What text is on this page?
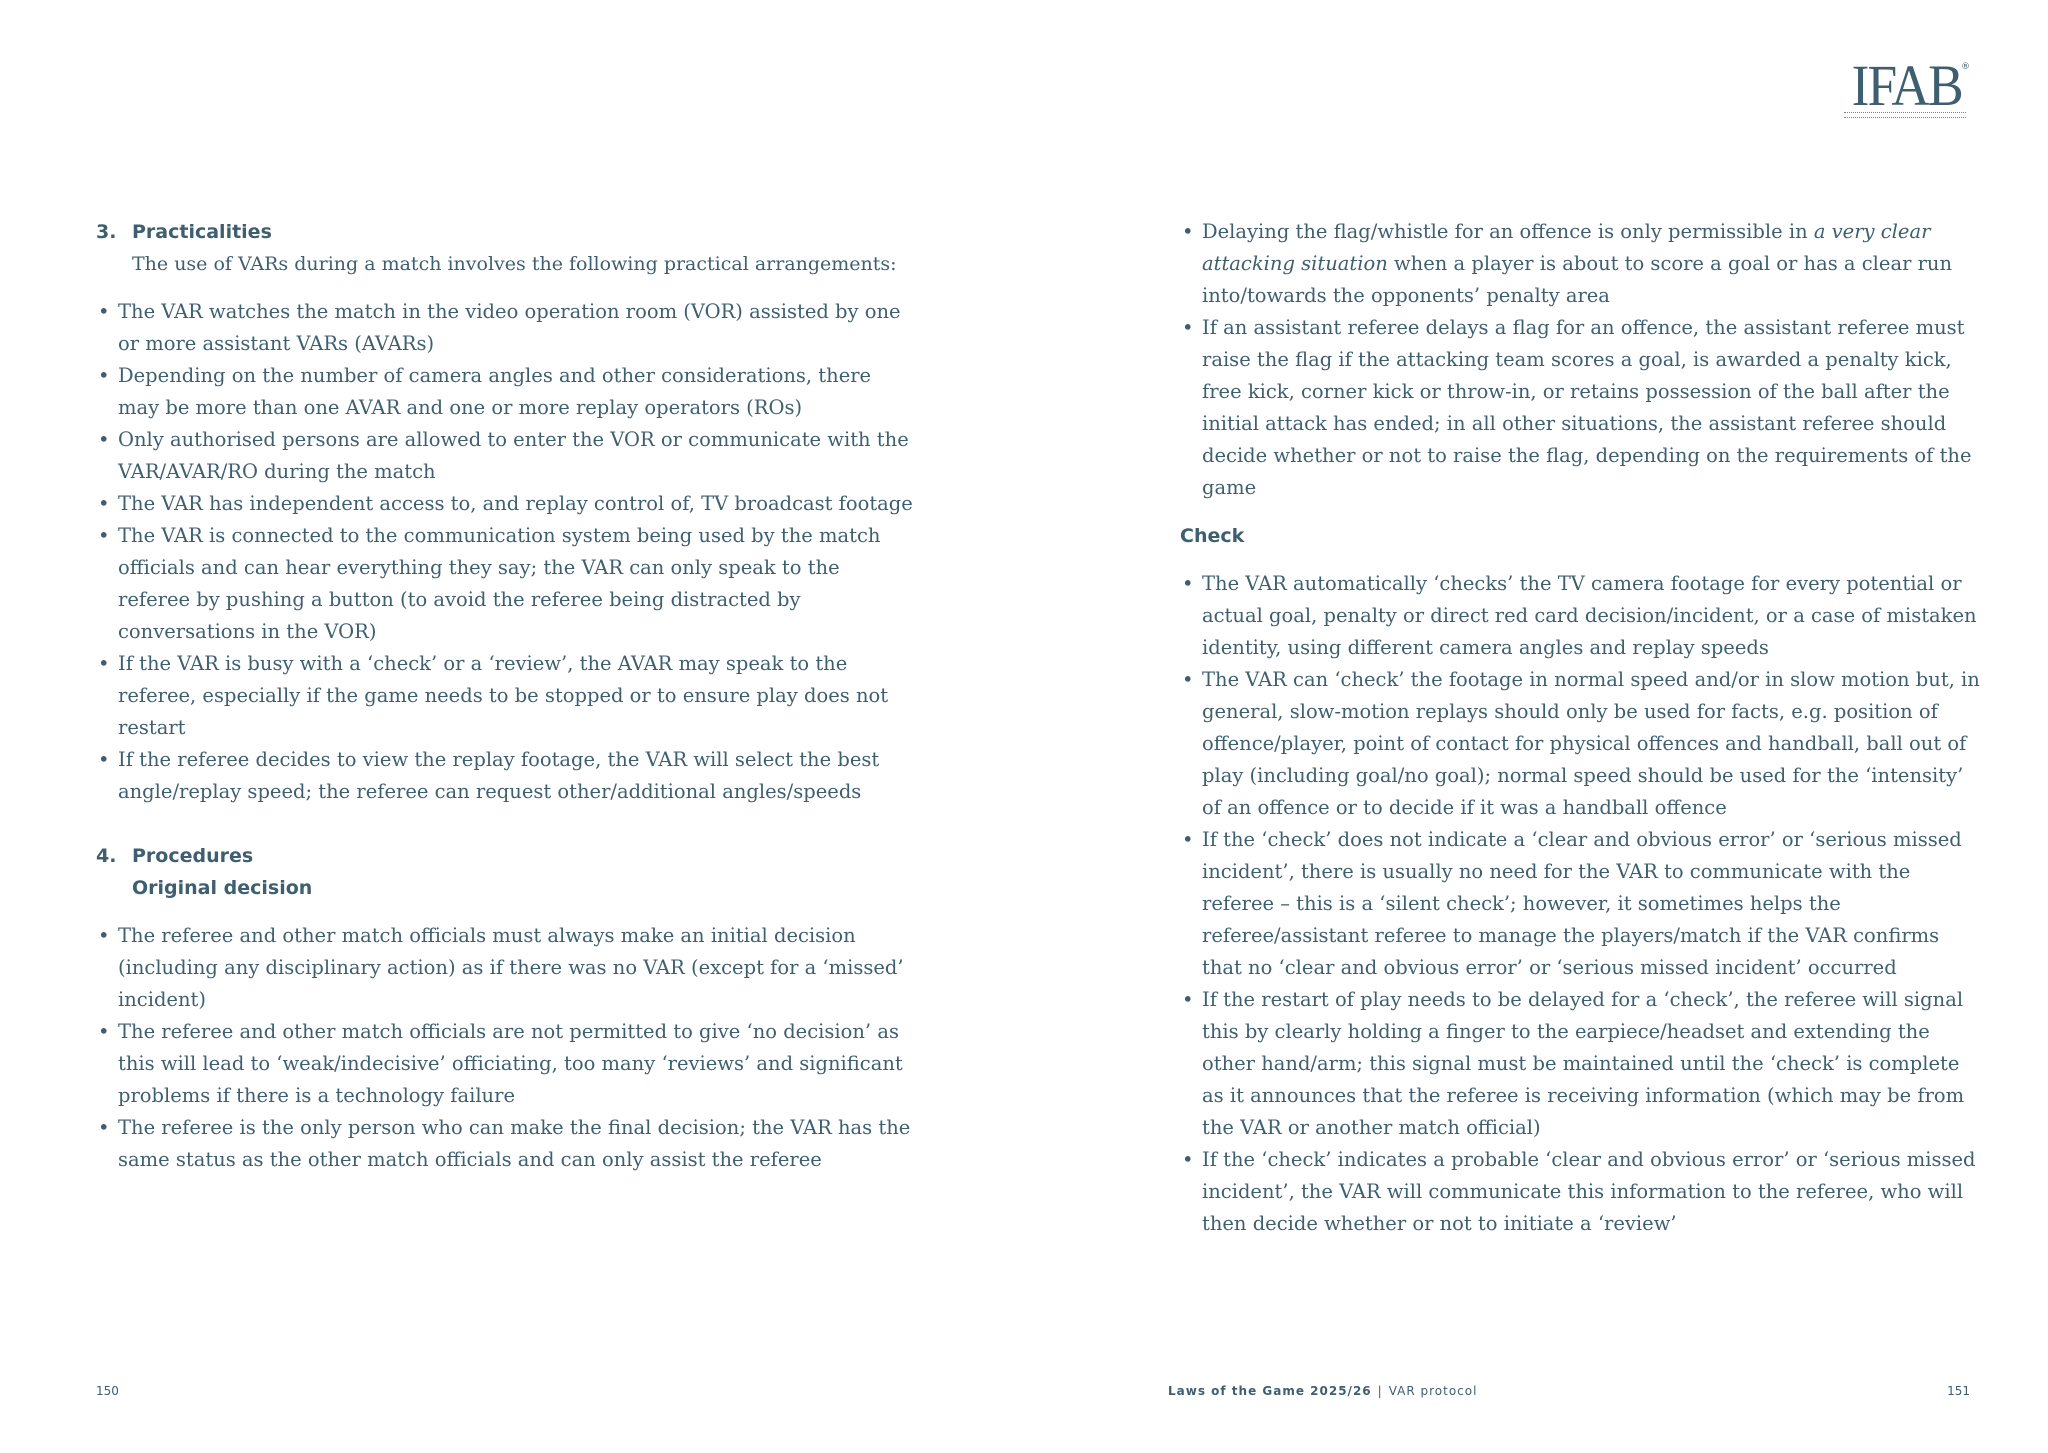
IFAB ®
3. Practicalities
The use of VARs during a match involves the following practical arrangements:
• The VAR watches the match in the video operation room (VOR) assisted by one or more assistant VARs (AVARs)
• Depending on the number of camera angles and other considerations, there may be more than one AVAR and one or more replay operators (ROs)
• Only authorised persons are allowed to enter the VOR or communicate with the VAR/AVAR/RO during the match
• The VAR has independent access to, and replay control of, TV broadcast footage
• The VAR is connected to the communication system being used by the match officials and can hear everything they say; the VAR can only speak to the referee by pushing a button (to avoid the referee being distracted by conversations in the VOR)
• If the VAR is busy with a ‘check’ or a ‘review’, the AVAR may speak to the referee, especially if the game needs to be stopped or to ensure play does not restart
• If the referee decides to view the replay footage, the VAR will select the best angle/replay speed; the referee can request other/additional angles/speeds
4. Procedures
Original decision
• The referee and other match officials must always make an initial decision (including any disciplinary action) as if there was no VAR (except for a ‘missed’ incident)
• The referee and other match officials are not permitted to give ‘no decision’ as this will lead to ‘weak/indecisive’ officiating, too many ‘reviews’ and significant problems if there is a technology failure
• The referee is the only person who can make the final decision; the VAR has the same status as the other match officials and can only assist the referee
• Delaying the flag/whistle for an offence is only permissible in a very clear attacking situation when a player is about to score a goal or has a clear run into/towards the opponents’ penalty area
• If an assistant referee delays a flag for an offence, the assistant referee must raise the flag if the attacking team scores a goal, is awarded a penalty kick, free kick, corner kick or throw-in, or retains possession of the ball after the initial attack has ended; in all other situations, the assistant referee should decide whether or not to raise the flag, depending on the requirements of the game
Check
• The VAR automatically ‘checks’ the TV camera footage for every potential or actual goal, penalty or direct red card decision/incident, or a case of mistaken identity, using different camera angles and replay speeds
• The VAR can ‘check’ the footage in normal speed and/or in slow motion but, in general, slow-motion replays should only be used for facts, e.g. position of offence/player, point of contact for physical offences and handball, ball out of play (including goal/no goal); normal speed should be used for the ‘intensity’ of an offence or to decide if it was a handball offence
• If the ‘check’ does not indicate a ‘clear and obvious error’ or ‘serious missed incident’, there is usually no need for the VAR to communicate with the referee – this is a ‘silent check’; however, it sometimes helps the referee/assistant referee to manage the players/match if the VAR confirms that no ‘clear and obvious error’ or ‘serious missed incident’ occurred
• If the restart of play needs to be delayed for a ‘check’, the referee will signal this by clearly holding a finger to the earpiece/headset and extending the other hand/arm; this signal must be maintained until the ‘check’ is complete as it announces that the referee is receiving information (which may be from the VAR or another match official)
• If the ‘check’ indicates a probable ‘clear and obvious error’ or ‘serious missed incident’, the VAR will communicate this information to the referee, who will then decide whether or not to initiate a ‘review’
150	Laws of the Game 2025/26 | VAR protocol	151
